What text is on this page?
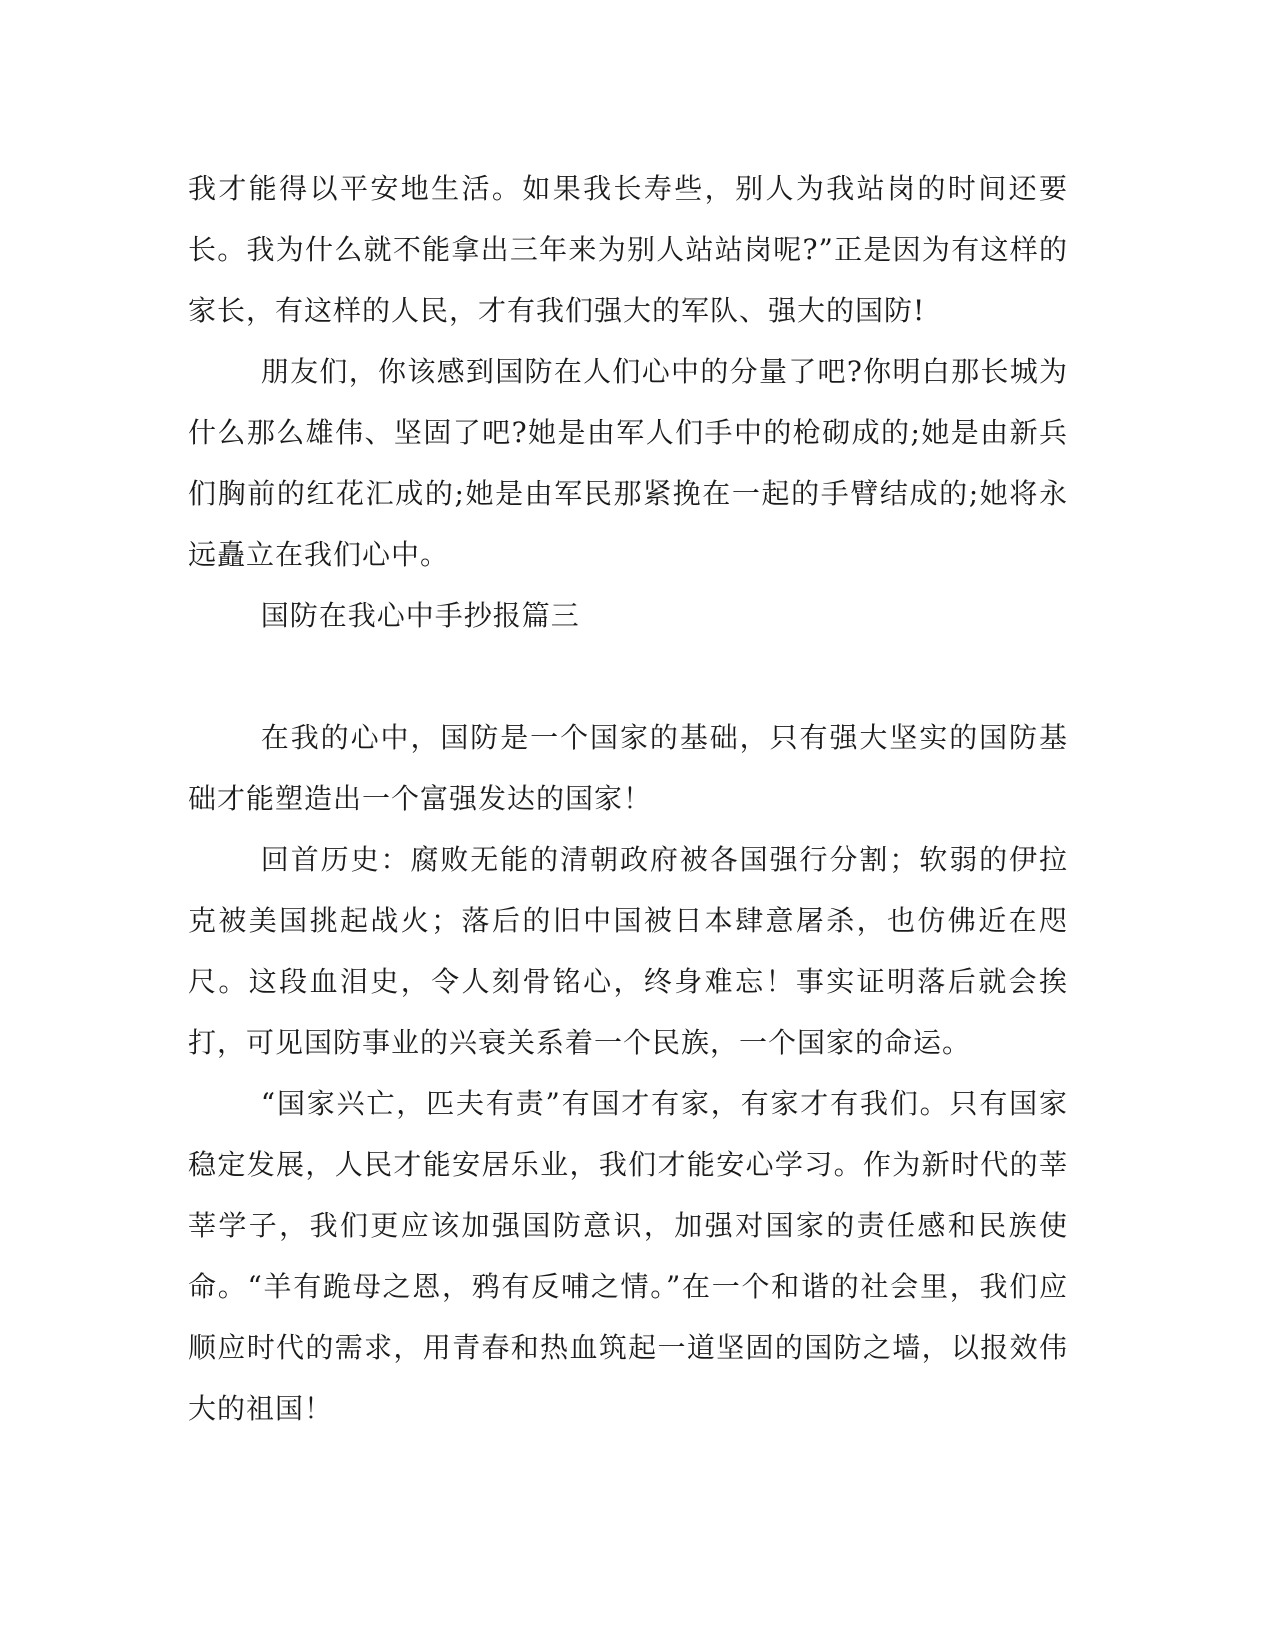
我才能得以平安地生活。如果我长寿些，别人为我站岗的时间还要长。我为什么就不能拿出三年来为别人站站岗呢?”正是因为有这样的家长，有这样的人民，才有我们强大的军队、强大的国防!

朋友们，你该感到国防在人们心中的分量了吧?你明白那长城为什么那么雄伟、坚固了吧?她是由军人们手中的枪砌成的;她是由新兵们胸前的红花汇成的;她是由军民那紧挽在一起的手臂结成的;她将永远矗立在我们心中。

国防在我心中手抄报篇三

在我的心中，国防是一个国家的基础，只有强大坚实的国防基础才能塑造出一个富强发达的国家！

回首历史：腐败无能的清朝政府被各国强行分割；软弱的伊拉克被美国挑起战火；落后的旧中国被日本肆意屠杀，也仿佛近在咫尺。这段血泪史，令人刻骨铭心，终身难忘！事实证明落后就会挨打，可见国防事业的兴衰关系着一个民族，一个国家的命运。

“国家兴亡，匹夫有责”有国才有家，有家才有我们。只有国家稳定发展，人民才能安居乐业，我们才能安心学习。作为新时代的莘莘学子，我们更应该加强国防意识，加强对国家的责任感和民族使命。“羊有跪母之恩，鸦有反哺之情。”在一个和谐的社会里，我们应顺应时代的需求，用青春和热血筑起一道坚固的国防之墙，以报效伟大的祖国！
